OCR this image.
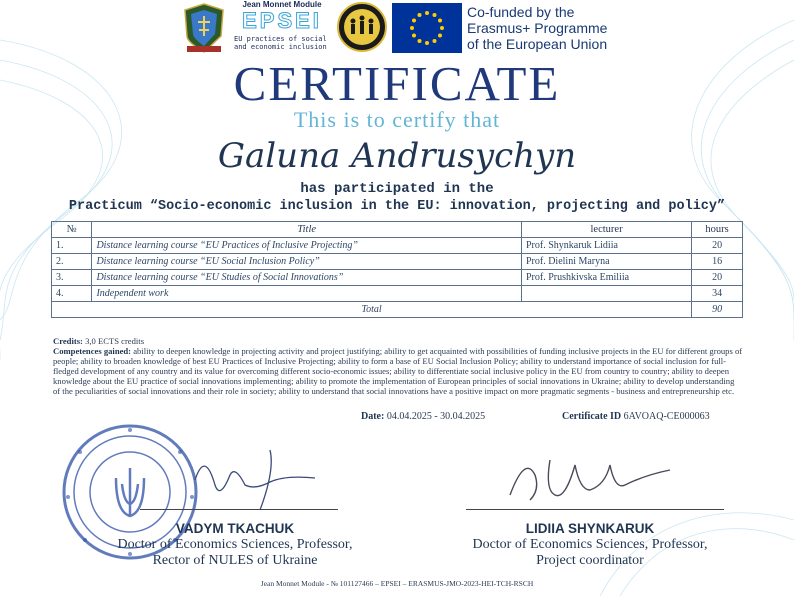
Jean Monnet Module
EPSEI
EU practices of social
and economic inclusion
Co-funded by the
Erasmus+ Programme
of the European Union
CERTIFICATE
This is to certify that
Galuna Andrusychyn
has participated in the
Practicum “Socio-economic inclusion in the EU: innovation, projecting and policy”
№	Title	lecturer	hours
1.	Distance learning course “EU Practices of Inclusive Projecting”	Prof. Shynkaruk Lidiia	20
2.	Distance learning course “EU Social Inclusion Policy”	Prof. Dielini Maryna	16
3.	Distance learning course “EU Studies of Social Innovations”	Prof. Prushkivska Emiliia	20
4.	Independent work		34
Total			90
Credits: 3,0 ECTS credits
Competences gained: ability to deepen knowledge in projecting activity and project justifying; ability to get acquainted with possibilities of funding inclusive projects in the EU for different groups of people; ability to broaden knowledge of best EU Practices of Inclusive Projecting; ability to form a base of EU Social Inclusion Policy; ability to understand importance of social inclusion for full-fledged development of any country and its value for overcoming different socio-economic issues; ability to differentiate social inclusive policy in the EU from country to country; ability to deepen knowledge about the EU practice of social innovations implementing; ability to promote the implementation of European principles of social innovations in Ukraine; ability to develop understanding of the peculiarities of social innovations and their role in society; ability to understand that social innovations have a positive impact on more pragmatic segments - business and entrepreneurship etc.
Date: 04.04.2025 - 30.04.2025	Certificate ID 6AVOAQ-CE000063
VADYM TKACHUK
Doctor of Economics Sciences, Professor,
Rector of NULES of Ukraine
LIDIIA SHYNKARUK
Doctor of Economics Sciences, Professor,
Project coordinator
Jean Monnet Module - № 101127466 – EPSEI – ERASMUS-JMO-2023-HEI-TCH-RSCH
